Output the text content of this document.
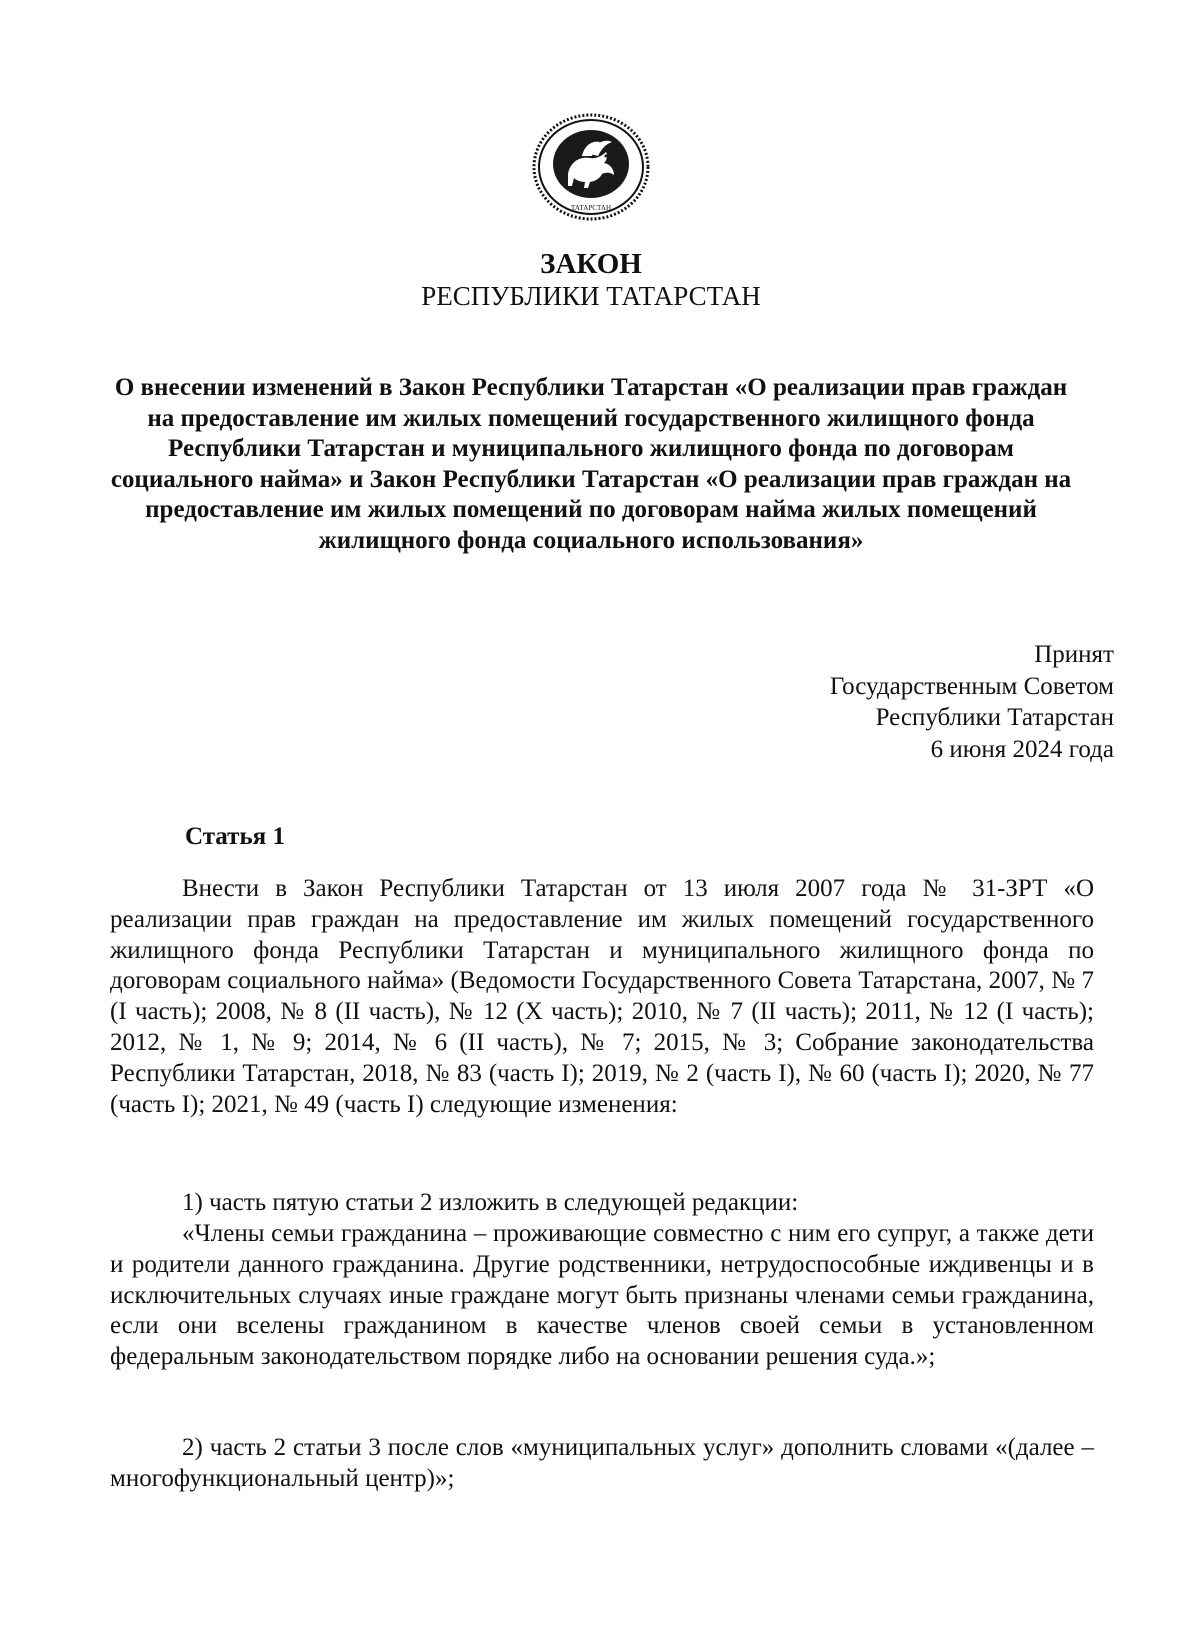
ТАТАРСТАН
ЗАКОН
РЕСПУБЛИКИ ТАТАРСТАН
О внесении изменений в Закон Республики Татарстан «О реализации прав граждан на предоставление им жилых помещений государственного жилищного фонда Республики Татарстан и муниципального жилищного фонда по договорам социального найма» и Закон Республики Татарстан «О реализации прав граждан на предоставление им жилых помещений по договорам найма жилых помещений жилищного фонда социального использования»
Принят
Государственным Советом
Республики Татарстан
6 июня 2024 года
Статья 1

Внести в Закон Республики Татарстан от 13 июля 2007 года № 31-ЗРТ «О реализации прав граждан на предоставление им жилых помещений государственного жилищного фонда Республики Татарстан и муниципального жилищного фонда по договорам социального найма» (Ведомости Государственного Совета Татарстана, 2007, № 7 (I часть); 2008, № 8 (II часть), № 12 (X часть); 2010, № 7 (II часть); 2011, № 12 (I часть); 2012, № 1, № 9; 2014, № 6 (II часть), № 7; 2015, № 3; Собрание законодательства Республики Татарстан, 2018, № 83 (часть I); 2019, № 2 (часть I), № 60 (часть I); 2020, № 77 (часть I); 2021, № 49 (часть I) следующие изменения:

1) часть пятую статьи 2 изложить в следующей редакции:

«Члены семьи гражданина – проживающие совместно с ним его супруг, а также дети и родители данного гражданина. Другие родственники, нетрудоспособные иждивенцы и в исключительных случаях иные граждане могут быть признаны членами семьи гражданина, если они вселены гражданином в качестве членов своей семьи в установленном федеральным законодательством порядке либо на основании решения суда.»;

2) часть 2 статьи 3 после слов «муниципальных услуг» дополнить словами «(далее – многофункциональный центр)»;
